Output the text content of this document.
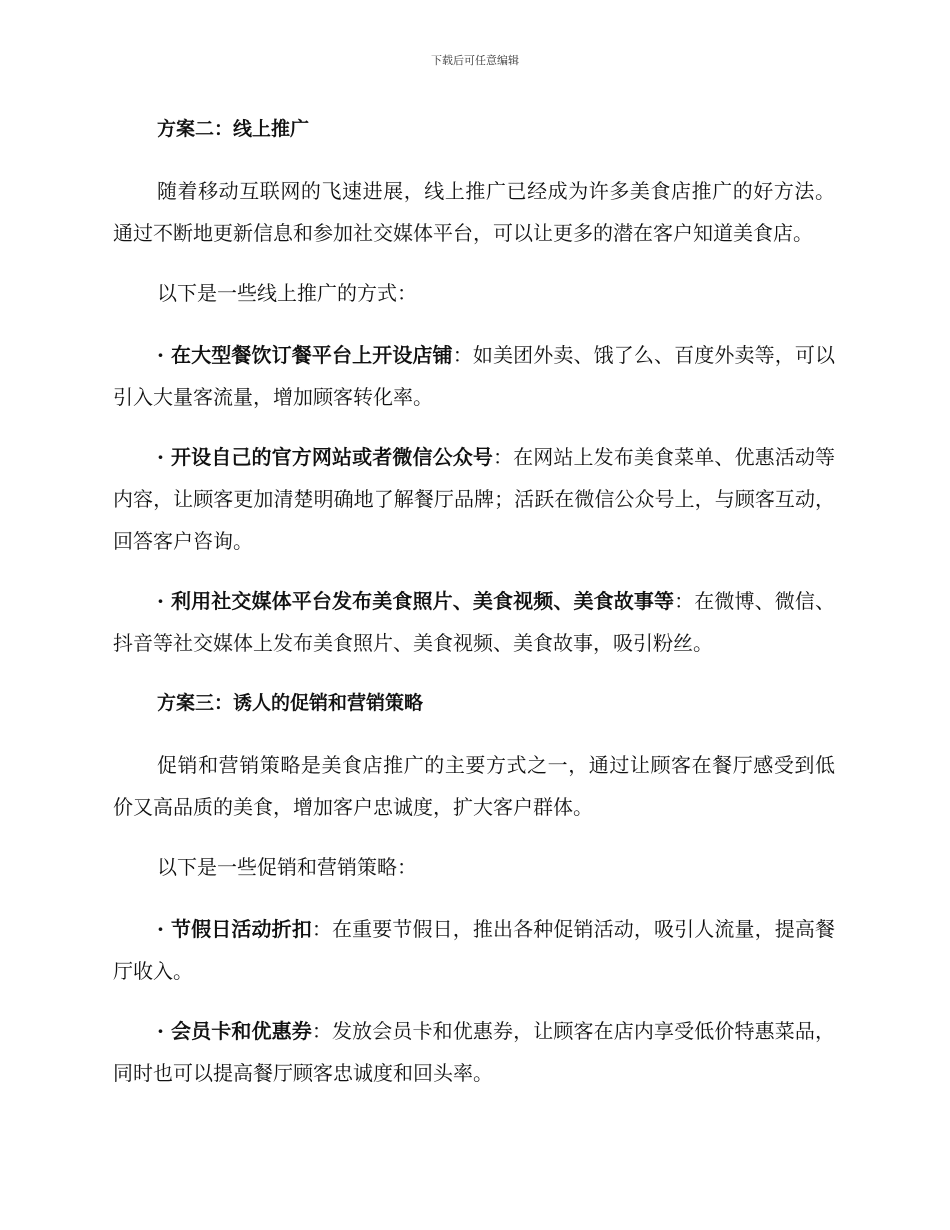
下载后可任意编辑

方案二：线上推广

随着移动互联网的飞速进展，线上推广已经成为许多美食店推广的好方法。通过不断地更新信息和参加社交媒体平台，可以让更多的潜在客户知道美食店。

以下是一些线上推广的方式：

· 在大型餐饮订餐平台上开设店铺：如美团外卖、饿了么、百度外卖等，可以引入大量客流量，增加顾客转化率。

· 开设自己的官方网站或者微信公众号：在网站上发布美食菜单、优惠活动等内容，让顾客更加清楚明确地了解餐厅品牌；活跃在微信公众号上，与顾客互动，回答客户咨询。

· 利用社交媒体平台发布美食照片、美食视频、美食故事等：在微博、微信、抖音等社交媒体上发布美食照片、美食视频、美食故事，吸引粉丝。

方案三：诱人的促销和营销策略

促销和营销策略是美食店推广的主要方式之一，通过让顾客在餐厅感受到低价又高品质的美食，增加客户忠诚度，扩大客户群体。

以下是一些促销和营销策略：

· 节假日活动折扣：在重要节假日，推出各种促销活动，吸引人流量，提高餐厅收入。

· 会员卡和优惠券：发放会员卡和优惠券，让顾客在店内享受低价特惠菜品，同时也可以提高餐厅顾客忠诚度和回头率。
